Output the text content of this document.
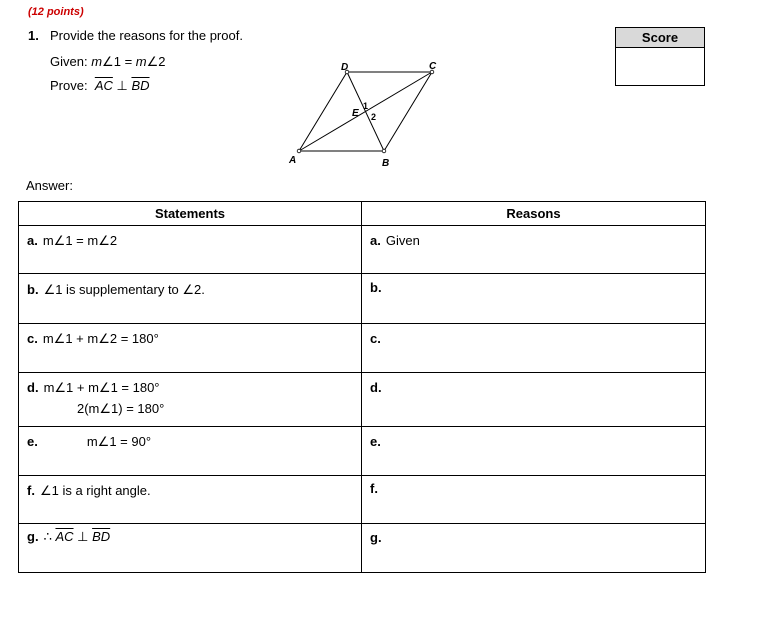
(12 points)
1. Provide the reasons for the proof.
Given: m∠1 = m∠2
Prove: $\overline{AC}$ ⊥ $\overline{BD}$
Score
A	B
C
D
E
1
2
Answer:
Statements	Reasons
a. m∠1 = m∠2	a. Given
b. ∠1 is supplementary to ∠2.	b.
c. m∠1 + m∠2 = 180°	c.
d. m∠1 + m∠1 = 180°
2(m∠1) = 180°	d.
e. m∠1 = 90°	e.
f. ∠1 is a right angle.	f.
g. ∴ $\overline{AC}$ ⊥ $\overline{BD}$	g.
